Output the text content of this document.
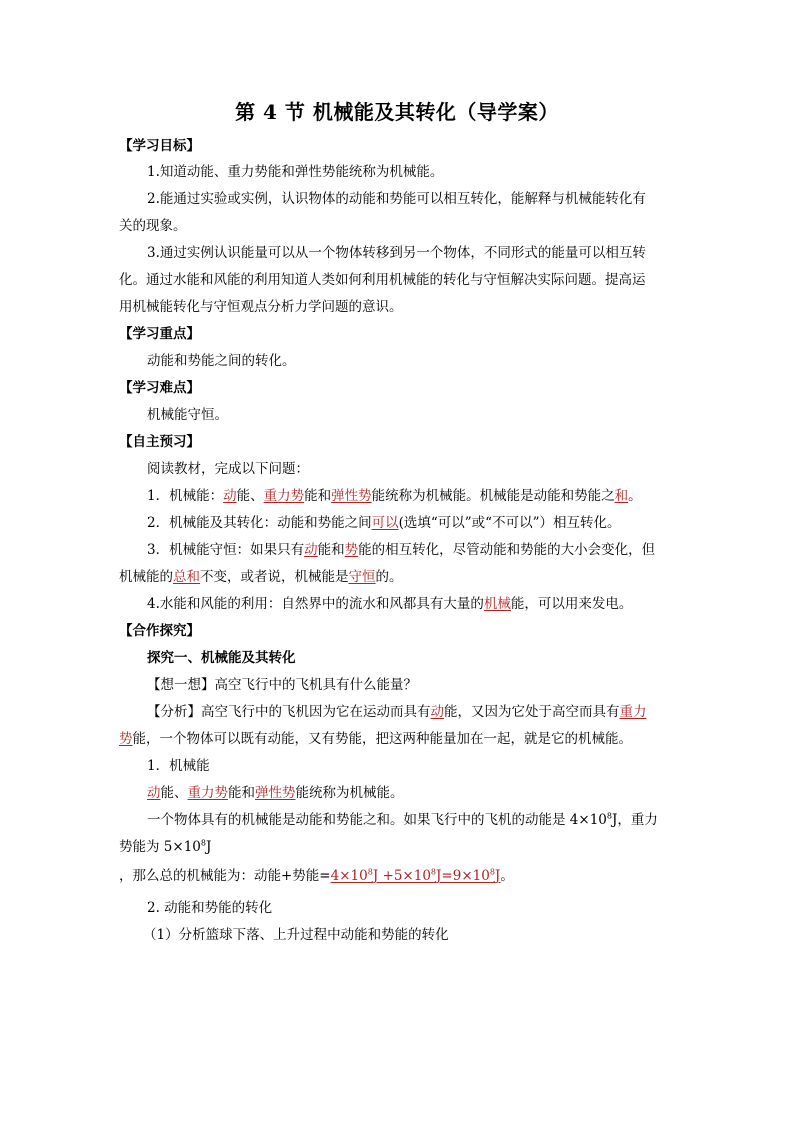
第 4 节 机械能及其转化（导学案）
【学习目标】
1.知道动能、重力势能和弹性势能统称为机械能。
2.能通过实验或实例，认识物体的动能和势能可以相互转化，能解释与机械能转化有
关的现象。
3.通过实例认识能量可以从一个物体转移到另一个物体，不同形式的能量可以相互转
化。通过水能和风能的利用知道人类如何利用机械能的转化与守恒解决实际问题。提高运
用机械能转化与守恒观点分析力学问题的意识。
【学习重点】
动能和势能之间的转化。
【学习难点】
机械能守恒。
【自主预习】
阅读教材，完成以下问题：
1．机械能：动能、重力势能和弹性势能统称为机械能。机械能是动能和势能之和。
2．机械能及其转化：动能和势能之间可以(选填“可以”或“不可以”）相互转化。
3．机械能守恒：如果只有动能和势能的相互转化，尽管动能和势能的大小会变化，但
机械能的总和不变，或者说，机械能是守恒的。
4.水能和风能的利用：自然界中的流水和风都具有大量的机械能，可以用来发电。
【合作探究】
探究一、机械能及其转化
【想一想】高空飞行中的飞机具有什么能量？
【分析】高空飞行中的飞机因为它在运动而具有动能，又因为它处于高空而具有重力
势能，一个物体可以既有动能，又有势能，把这两种能量加在一起，就是它的机械能。
1．机械能
动能、重力势能和弹性势能统称为机械能。
一个物体具有的机械能是动能和势能之和。如果飞行中的飞机的动能是 $4\times 10^8J$，重力
势能为 $5\times 10^8J$
，那么总的机械能为：动能+势能$=4\times 10^8J +5\times 10^8J=9\times 10^8J$。
2. 动能和势能的转化
（1）分析篮球下落、上升过程中动能和势能的转化
